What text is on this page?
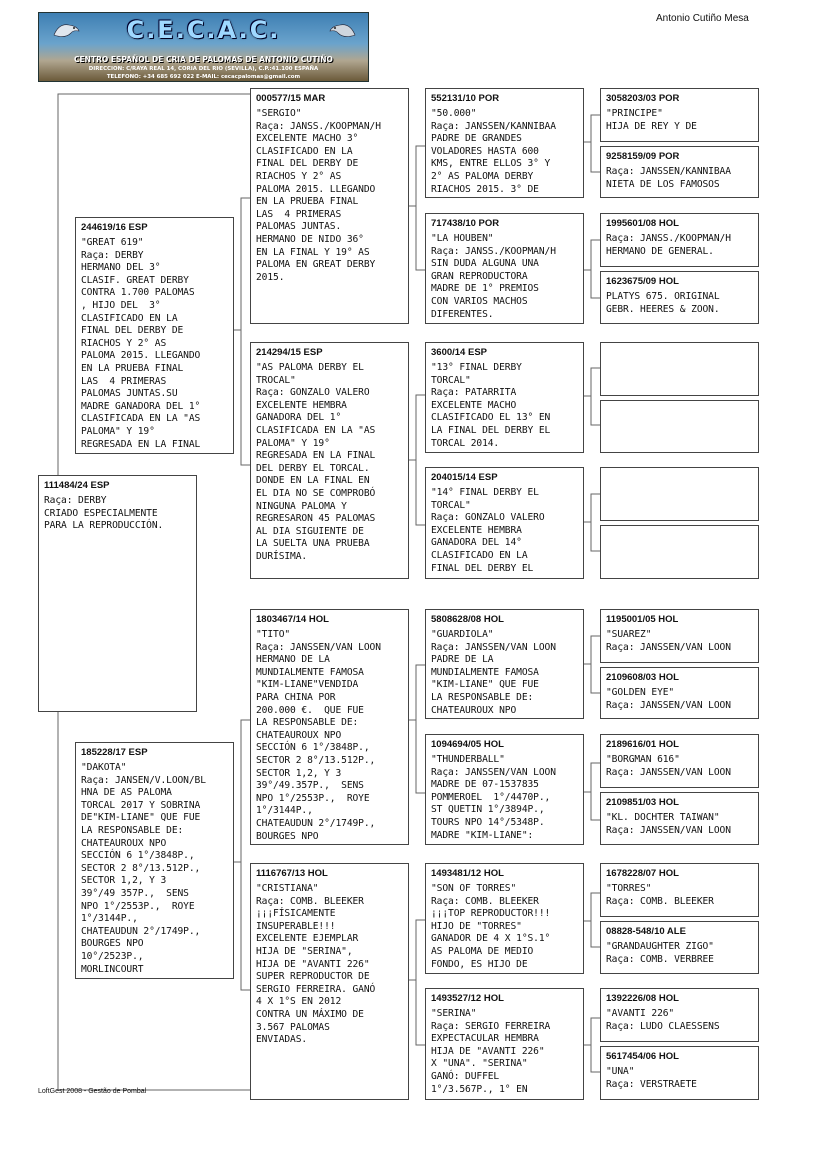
Antonio Cutiño Mesa
C.E.C.A.C.
CENTRO ESPAÑOL DE CRIA DE PALOMAS DE ANTONIO CUTIÑO
DIRECCION: C/RAYA REAL 14, CORIA DEL RIO (SEVILLA), C.P.:41.100 ESPAÑA
TELEFONO: +34 685 692 022 E-MAIL: cecacpalomas@gmail.com
111484/24 ESP
Raça: DERBY
CRIADO ESPECIALMENTE
PARA LA REPRODUCCIÓN.
244619/16 ESP
"GREAT 619"
Raça: DERBY
HERMANO DEL 3°
CLASIF. GREAT DERBY
CONTRA 1.700 PALOMAS
, HIJO DEL  3°
CLASIFICADO EN LA
FINAL DEL DERBY DE
RIACHOS Y 2° AS
PALOMA 2015. LLEGANDO
EN LA PRUEBA FINAL
LAS  4 PRIMERAS
PALOMAS JUNTAS.SU
MADRE GANADORA DEL 1°
CLASIFICADA EN LA "AS
PALOMA" Y 19°
REGRESADA EN LA FINAL
185228/17 ESP
"DAKOTA"
Raça: JANSEN/V.LOON/BL
HNA DE AS PALOMA
TORCAL 2017 Y SOBRINA
DE"KIM-LIANE" QUE FUE
LA RESPONSABLE DE:
CHATEAUROUX NPO
SECCIÓN 6 1°/3848P.,
SECTOR 2 8°/13.512P.,
SECTOR 1,2, Y 3
39°/49 357P.,  SENS
NPO 1°/2553P.,  ROYE
1°/3144P.,
CHATEAUDUN 2°/1749P.,
BOURGES NPO
10°/2523P.,
MORLINCOURT
000577/15 MAR
"SERGIO"
Raça: JANSS./KOOPMAN/H
EXCELENTE MACHO 3°
CLASIFICADO EN LA
FINAL DEL DERBY DE
RIACHOS Y 2° AS
PALOMA 2015. LLEGANDO
EN LA PRUEBA FINAL
LAS  4 PRIMERAS
PALOMAS JUNTAS.
HERMANO DE NIDO 36°
EN LA FINAL Y 19° AS
PALOMA EN GREAT DERBY
2015.
214294/15 ESP
"AS PALOMA DERBY EL
TROCAL"
Raça: GONZALO VALERO
EXCELENTE HEMBRA
GANADORA DEL 1°
CLASIFICADA EN LA "AS
PALOMA" Y 19°
REGRESADA EN LA FINAL
DEL DERBY EL TORCAL.
DONDE EN LA FINAL EN
EL DIA NO SE COMPROBÓ
NINGUNA PALOMA Y
REGRESARON 45 PALOMAS
AL DIA SIGUIENTE DE
LA SUELTA UNA PRUEBA
DURÍSIMA.
1803467/14 HOL
"TITO"
Raça: JANSSEN/VAN LOON
HERMANO DE LA
MUNDIALMENTE FAMOSA
"KIM-LIANE"VENDIDA
PARA CHINA POR
200.000 €.  QUE FUE
LA RESPONSABLE DE:
CHATEAUROUX NPO
SECCIÓN 6 1°/3848P.,
SECTOR 2 8°/13.512P.,
SECTOR 1,2, Y 3
39°/49.357P.,  SENS
NPO 1°/2553P.,  ROYE
1°/3144P.,
CHATEAUDUN 2°/1749P.,
BOURGES NPO
1116767/13 HOL
"CRISTIANA"
Raça: COMB. BLEEKER
¡¡¡FÍSICAMENTE
INSUPERABLE!!!
EXCELENTE EJEMPLAR
HIJA DE "SERINA",
HIJA DE "AVANTI 226"
SUPER REPRODUCTOR DE
SERGIO FERREIRA. GANÓ
4 X 1°S EN 2012
CONTRA UN MÁXIMO DE
3.567 PALOMAS
ENVIADAS.
552131/10 POR
"50.000"
Raça: JANSSEN/KANNIBAA
PADRE DE GRANDES
VOLADORES HASTA 600
KMS, ENTRE ELLOS 3° Y
2° AS PALOMA DERBY
RIACHOS 2015. 3° DE
717438/10 POR
"LA HOUBEN"
Raça: JANSS./KOOPMAN/H
SIN DUDA ALGUNA UNA
GRAN REPRODUCTORA
MADRE DE 1° PREMIOS
CON VARIOS MACHOS
DIFERENTES.
3600/14 ESP
"13° FINAL DERBY
TORCAL"
Raça: PATARRITA
EXCELENTE MACHO
CLASIFICADO EL 13° EN
LA FINAL DEL DERBY EL
TORCAL 2014.
204015/14 ESP
"14° FINAL DERBY EL
TORCAL"
Raça: GONZALO VALERO
EXCELENTE HEMBRA
GANADORA DEL 14°
CLASIFICADO EN LA
FINAL DEL DERBY EL
5808628/08 HOL
"GUARDIOLA"
Raça: JANSSEN/VAN LOON
PADRE DE LA
MUNDIALMENTE FAMOSA
"KIM-LIANE" QUE FUE
LA RESPONSABLE DE:
CHATEAUROUX NPO
1094694/05 HOL
"THUNDERBALL"
Raça: JANSSEN/VAN LOON
MADRE DE 07-1537835
POMMEROEL  1°/4470P.,
ST QUETIN 1°/3894P.,
TOURS NPO 14°/5348P.
MADRE "KIM-LIANE":
1493481/12 HOL
"SON OF TORRES"
Raça: COMB. BLEEKER
¡¡¡TOP REPRODUCTOR!!!
HIJO DE "TORRES"
GANADOR DE 4 X 1°S.1°
AS PALOMA DE MEDIO
FONDO, ES HIJO DE
1493527/12 HOL
"SERINA"
Raça: SERGIO FERREIRA
EXPECTACULAR HEMBRA
HIJA DE "AVANTI 226"
X "UNA". "SERINA"
GANÓ: DUFFEL
1°/3.567P., 1° EN
3058203/03 POR
"PRINCIPE"
HIJA DE REY Y DE
9258159/09 POR
Raça: JANSSEN/KANNIBAA
NIETA DE LOS FAMOSOS
1995601/08 HOL
Raça: JANSS./KOOPMAN/H
HERMANO DE GENERAL.
1623675/09 HOL
PLATYS 675. ORIGINAL
GEBR. HEERES & ZOON.
1195001/05 HOL
"SUAREZ"
Raça: JANSSEN/VAN LOON
2109608/03 HOL
"GOLDEN EYE"
Raça: JANSSEN/VAN LOON
2189616/01 HOL
"BORGMAN 616"
Raça: JANSSEN/VAN LOON
2109851/03 HOL
"KL. DOCHTER TAIWAN"
Raça: JANSSEN/VAN LOON
1678228/07 HOL
"TORRES"
Raça: COMB. BLEEKER
08828-548/10 ALE
"GRANDAUGHTER ZIGO"
Raça: COMB. VERBREE
1392226/08 HOL
"AVANTI 226"
Raça: LUDO CLAESSENS
5617454/06 HOL
"UNA"
Raça: VERSTRAETE
LoftGest 2008 - Gestão de Pombal
